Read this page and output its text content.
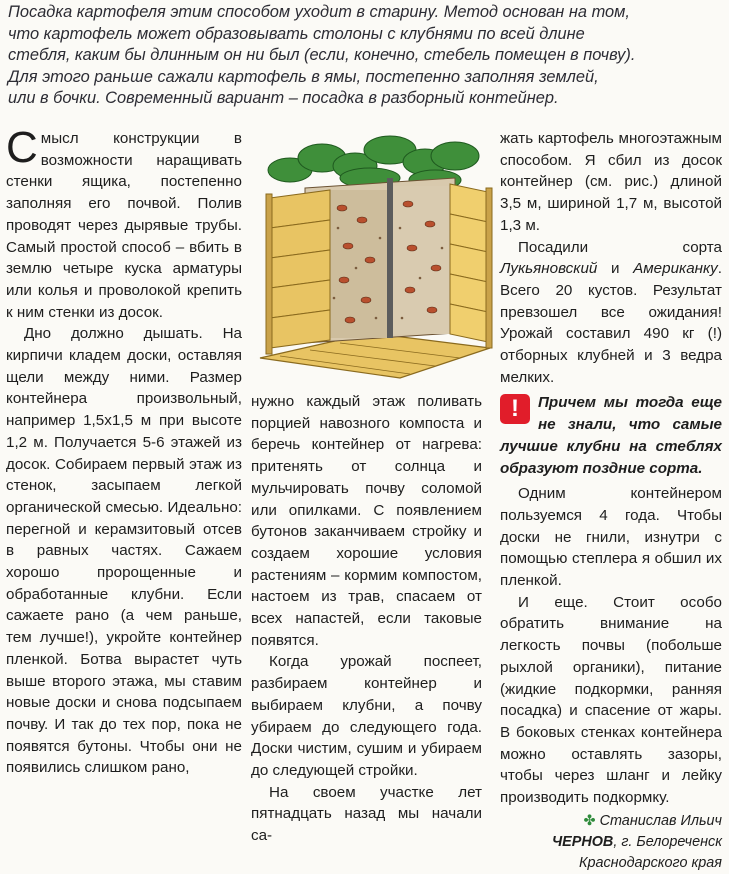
Посадка картофеля этим способом уходит в старину. Метод основан на том,
что картофель может образовывать столоны с клубнями по всей длине
стебля, каким бы длинным он ни был (если, конечно, стебель помещен в почву).
Для этого раньше сажали картофель в ямы, постепенно заполняя землей,
или в бочки. Современный вариант – посадка в разборный контейнер.

Смысл конструкции в возможности наращивать стенки ящика, постепенно заполняя его почвой. Полив проводят через дырявые трубы. Самый простой способ – вбить в землю четыре куска арматуры или колья и проволокой крепить к ним стенки из досок.

Дно должно дышать. На кирпичи кладем доски, оставляя щели между ними. Размер контейнера произвольный, например 1,5х1,5 м при высоте 1,2 м. Получается 5-6 этажей из досок. Собираем первый этаж из стенок, засыпаем легкой органической смесью. Идеально: перегной и керамзитовый отсев в равных частях. Сажаем хорошо пророщенные и обработанные клубни. Если сажаете рано (а чем раньше, тем лучше!), укройте контейнер пленкой. Ботва вырастет чуть выше второго этажа, мы ставим новые доски и снова подсыпаем почву. И так до тех пор, пока не появятся бутоны. Чтобы они не появились слишком рано,

нужно каждый этаж поливать порцией навозного компоста и беречь контейнер от нагрева: притенять от солнца и мульчировать почву соломой или опилками. С появлением бутонов заканчиваем стройку и создаем хорошие условия растениям – кормим компостом, настоем из трав, спасаем от всех напастей, если таковые появятся.

Когда урожай поспеет, разбираем контейнер и выбираем клубни, а почву убираем до следующего года. Доски чистим, сушим и убираем до следующей стройки.

На своем участке лет пятнадцать назад мы начали са-

жать картофель многоэтажным способом. Я сбил из досок контейнер (см. рис.) длиной 3,5 м, шириной 1,7 м, высотой 1,3 м.

Посадили сорта Лукьяновский и Американку. Всего 20 кустов. Результат превзошел все ожидания! Урожай составил 490 кг (!) отборных клубней и 3 ведра мелких.

!	Причем мы тогда еще не знали, что самые лучшие клубни на стеблях образуют поздние сорта.

Одним контейнером пользуемся 4 года. Чтобы доски не гнили, изнутри с помощью степлера я обшил их пленкой.

И еще. Стоит особо обратить внимание на легкость почвы (побольше рыхлой органики), питание (жидкие подкормки, ранняя посадка) и спасение от жары. В боковых стенках контейнера можно оставлять зазоры, чтобы через шланг и лейку производить подкормку.

✤ Станислав Ильич
ЧЕРНОВ, г. Белореченск
Краснодарского края
